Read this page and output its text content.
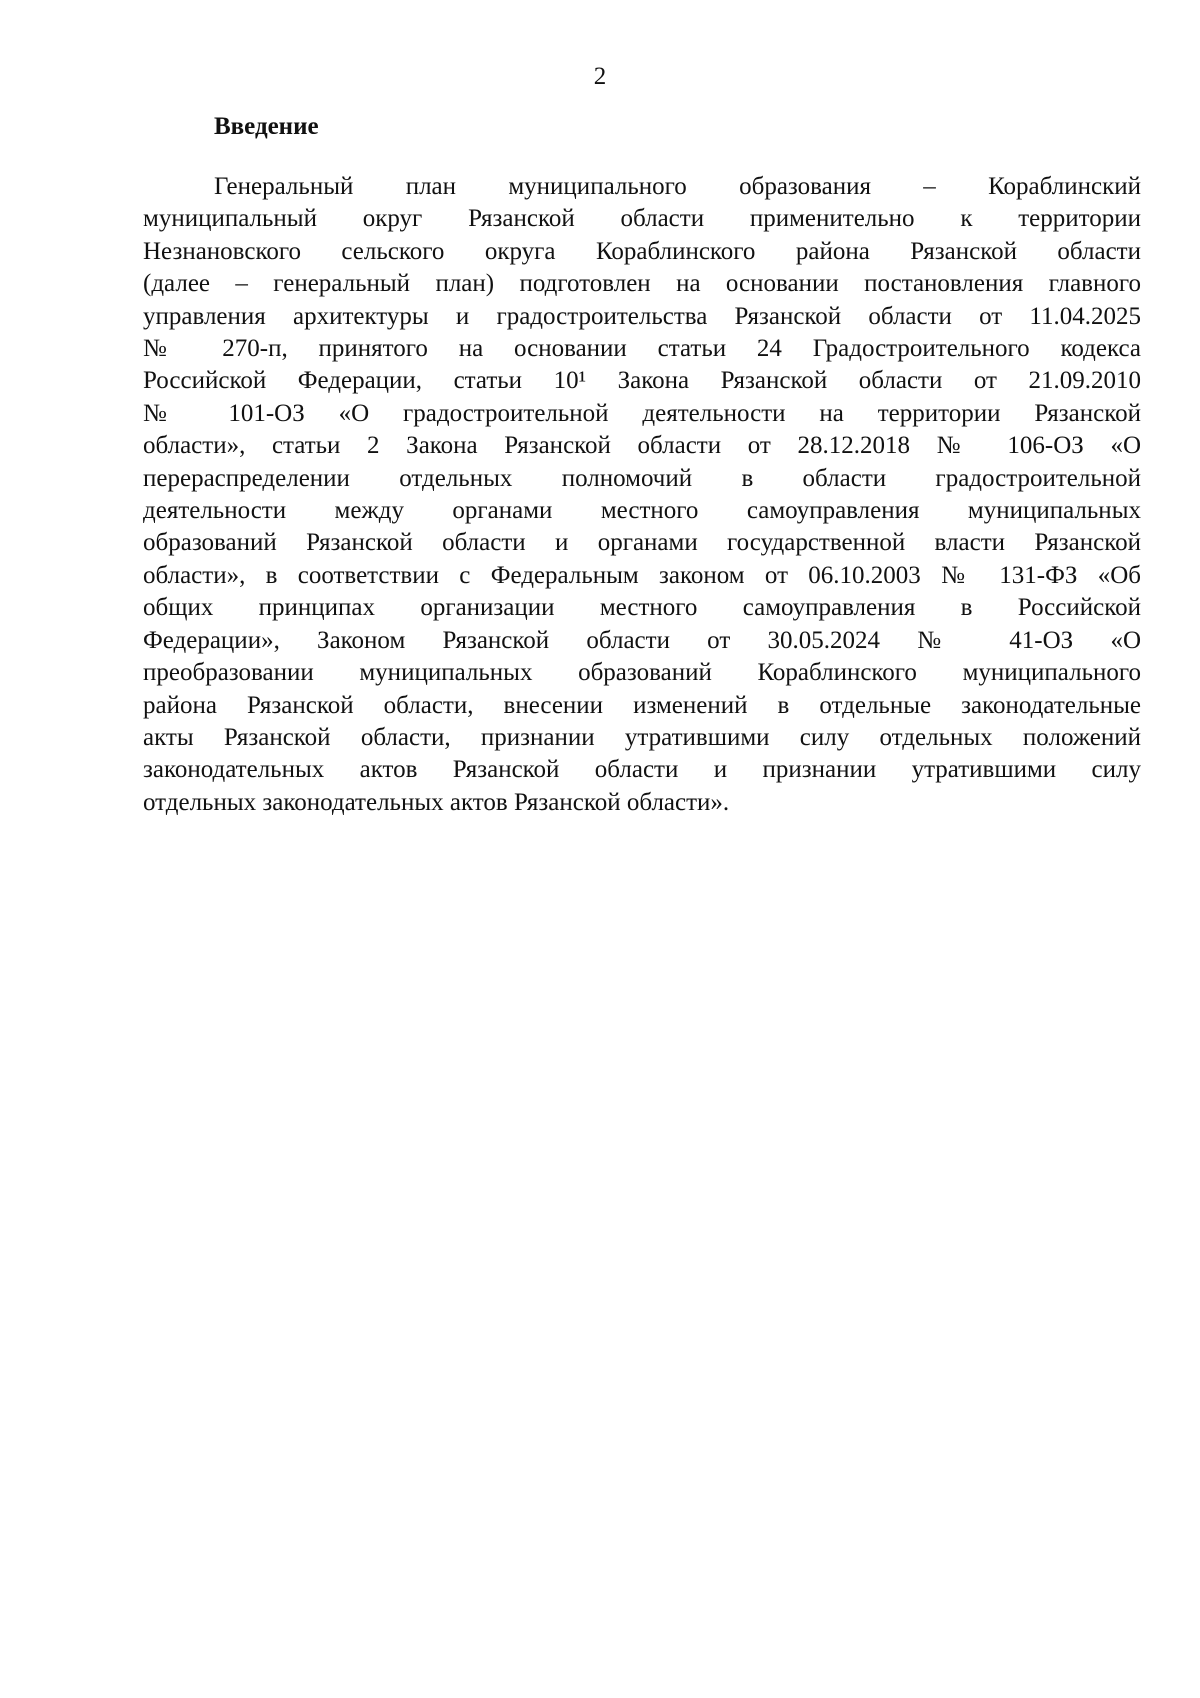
2
Введение
Генеральный план муниципального образования – Кораблинский
муниципальный округ Рязанской области применительно к территории
Незнановского сельского округа Кораблинского района Рязанской области
(далее – генеральный план) подготовлен на основании постановления главного
управления архитектуры и градостроительства Рязанской области от 11.04.2025
№ 270-п, принятого на основании статьи 24 Градостроительного кодекса
Российской Федерации, статьи 10¹ Закона Рязанской области от 21.09.2010
№ 101-ОЗ «О градостроительной деятельности на территории Рязанской
области», статьи 2 Закона Рязанской области от 28.12.2018 № 106-ОЗ «О
перераспределении отдельных полномочий в области градостроительной
деятельности между органами местного самоуправления муниципальных
образований Рязанской области и органами государственной власти Рязанской
области», в соответствии с Федеральным законом от 06.10.2003 № 131-ФЗ «Об
общих принципах организации местного самоуправления в Российской
Федерации», Законом Рязанской области от 30.05.2024 № 41-ОЗ «О
преобразовании муниципальных образований Кораблинского муниципального
района Рязанской области, внесении изменений в отдельные законодательные
акты Рязанской области, признании утратившими силу отдельных положений
законодательных актов Рязанской области и признании утратившими силу
отдельных законодательных актов Рязанской области».
